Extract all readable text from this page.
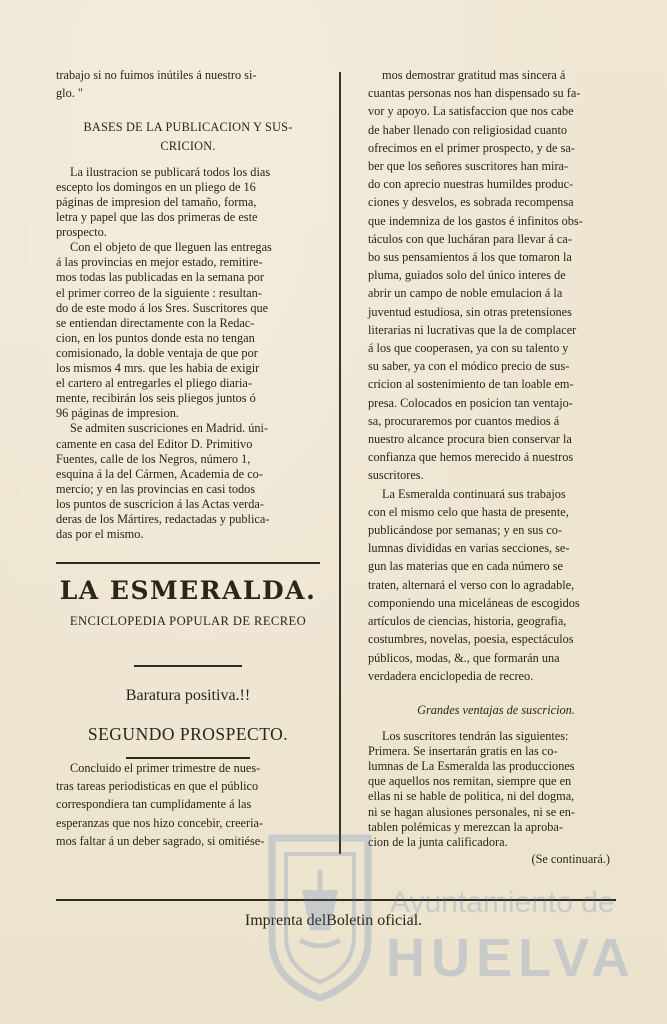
trabajo si no fuimos inútiles á nuestro si-
glo. "

BASES DE LA PUBLICACION Y SUS-
CRICION.

La ilustracion se publicará todos los dias
escepto los domingos en un pliego de 16
páginas de impresion del tamaño, forma,
letra y papel que las dos primeras de este
prospecto.

Con el objeto de que lleguen las entregas
á las provincias en mejor estado, remitire-
mos todas las publicadas en la semana por
el primer correo de la siguiente : resultan-
do de este modo á los Sres. Suscritores que
se entiendan directamente con la Redac-
cion, en los puntos donde esta no tengan
comisionado, la doble ventaja de que por
los mismos 4 mrs. que les habia de exigir
el cartero al entregarles el pliego diaria-
mente, recibirán los seis pliegos juntos ó
96 páginas de impresion.

Se admiten suscriciones en Madrid. úni-
camente en casa del Editor D. Primitivo
Fuentes, calle de los Negros, número 1,
esquina á la del Cármen, Academia de co-
mercio; y en las provincias en casi todos
los puntos de suscricion á las Actas verda-
deras de los Mártires, redactadas y publica-
das por el mismo.

LA ESMERALDA.
ENCICLOPEDIA POPULAR DE RECREO
Baratura positiva.!!
SEGUNDO PROSPECTO.

Concluido el primer trimestre de nues-
tras tareas periodisticas en que el público
correspondiera tan cumplidamente á las
esperanzas que nos hizo concebir, creeria-
mos faltar á un deber sagrado, si omitiése-

mos demostrar gratitud mas sincera á
cuantas personas nos han dispensado su fa-
vor y apoyo. La satisfaccion que nos cabe
de haber llenado con religiosidad cuanto
ofrecimos en el primer prospecto, y de sa-
ber que los señores suscritores han mira-
do con aprecio nuestras humildes produc-
ciones y desvelos, es sobrada recompensa
que indemniza de los gastos é infinitos obs-
táculos con que lucháran para llevar á ca-
bo sus pensamientos á los que tomaron la
pluma, guiados solo del único interes de
abrir un campo de noble emulacion á la
juventud estudiosa, sin otras pretensiones
literarias ni lucrativas que la de complacer
á los que cooperasen, ya con su talento y
su saber, ya con el módico precio de sus-
cricion al sostenimiento de tan loable em-
presa. Colocados en posicion tan ventajo-
sa, procuraremos por cuantos medios á
nuestro alcance procura bien conservar la
confianza que hemos merecido á nuestros
suscritores.

La Esmeralda continuará sus trabajos
con el mismo celo que hasta de presente,
publicándose por semanas; y en sus co-
lumnas divididas en varias secciones, se-
gun las materias que en cada número se
traten, alternará el verso con lo agradable,
componiendo una miceláneas de escogidos
artículos de ciencias, historia, geografia,
costumbres, novelas, poesia, espectáculos
públicos, modas, &., que formarán una
verdadera enciclopedia de recreo.

Grandes ventajas de suscricion.

Los suscritores tendrán las siguientes:
Primera. Se insertarán gratis en las co-
lumnas de La Esmeralda las producciones
que aquellos nos remitan, siempre que en
ellas ni se hable de politica, ni del dogma,
ni se hagan alusiones personales, ni se en-
tablen polémicas y merezcan la aproba-
cion de la junta calificadora.

(Se continuará.)
Imprenta delBoletin oficial.
Ayuntamiento de
HUELVA
